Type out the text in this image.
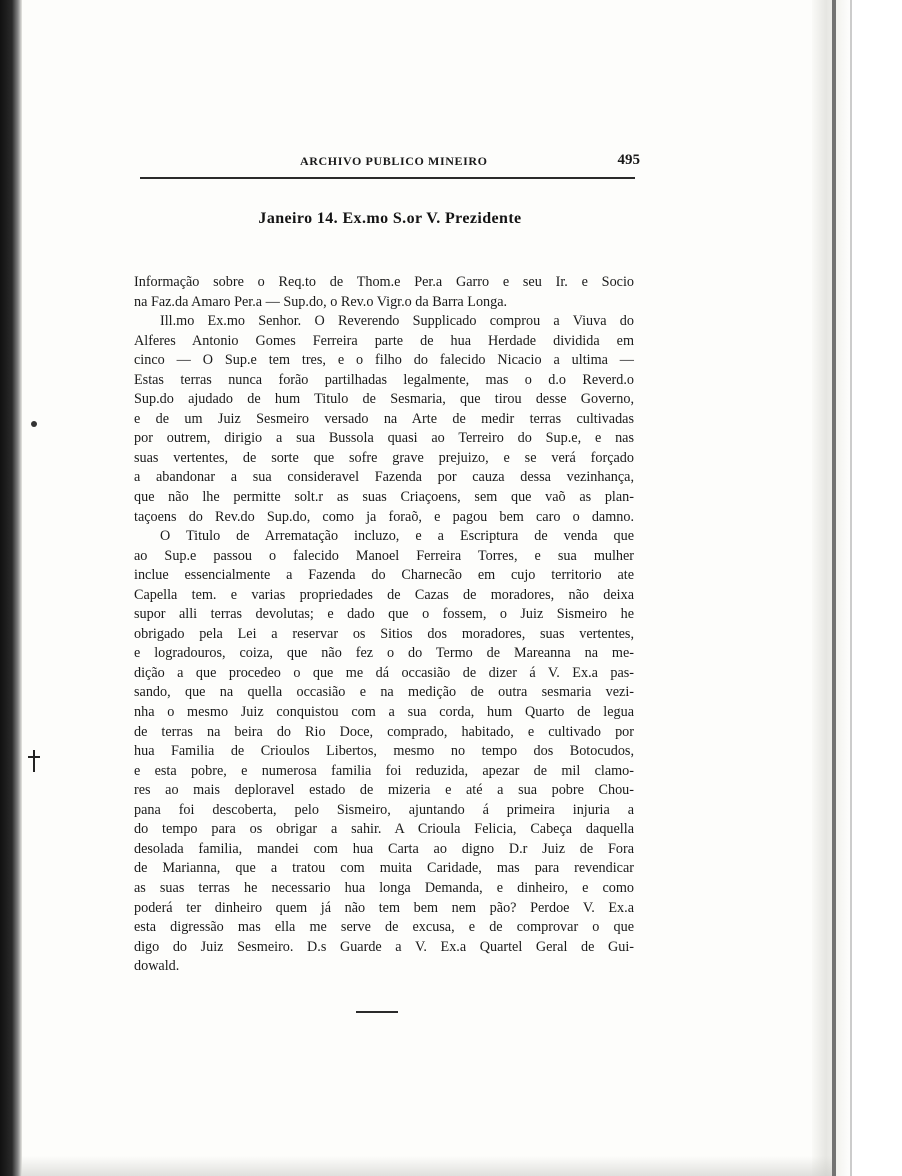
ARCHIVO PUBLICO MINEIRO	495
Janeiro 14. Ex.mo S.or V. Prezidente
Informação sobre o Req.to de Thom.e Per.a Garro e seu Ir. e Socio
na Faz.da Amaro Per.a — Sup.do, o Rev.o Vigr.o da Barra Longa.
Ill.mo Ex.mo Senhor. O Reverendo Supplicado comprou a Viuva do
Alferes Antonio Gomes Ferreira parte de hua Herdade dividida em
cinco — O Sup.e tem tres, e o filho do falecido Nicacio a ultima —
Estas terras nunca forão partilhadas legalmente, mas o d.o Reverd.o
Sup.do ajudado de hum Titulo de Sesmaria, que tirou desse Governo,
e de um Juiz Sesmeiro versado na Arte de medir terras cultivadas
por outrem, dirigio a sua Bussola quasi ao Terreiro do Sup.e, e nas
suas vertentes, de sorte que sofre grave prejuizo, e se verá forçado
a abandonar a sua consideravel Fazenda por cauza dessa vezinhança,
que não lhe permitte solt.r as suas Criaçoens, sem que vaõ as plan-
taçoens do Rev.do Sup.do, como ja foraõ, e pagou bem caro o damno.
O Titulo de Arrematação incluzo, e a Escriptura de venda que
ao Sup.e passou o falecido Manoel Ferreira Torres, e sua mulher
inclue essencialmente a Fazenda do Charnecão em cujo territorio ate
Capella tem. e varias propriedades de Cazas de moradores, não deixa
supor alli terras devolutas; e dado que o fossem, o Juiz Sismeiro he
obrigado pela Lei a reservar os Sitios dos moradores, suas vertentes,
e logradouros, coiza, que não fez o do Termo de Mareanna na me-
dição a que procedeo o que me dá occasião de dizer á V. Ex.a pas-
sando, que na quella occasião e na medição de outra sesmaria vezi-
nha o mesmo Juiz conquistou com a sua corda, hum Quarto de legua
de terras na beira do Rio Doce, comprado, habitado, e cultivado por
hua Familia de Crioulos Libertos, mesmo no tempo dos Botocudos,
e esta pobre, e numerosa familia foi reduzida, apezar de mil clamo-
res ao mais deploravel estado de mizeria e até a sua pobre Chou-
pana foi descoberta, pelo Sismeiro, ajuntando á primeira injuria a
do tempo para os obrigar a sahir. A Crioula Felicia, Cabeça daquella
desolada familia, mandei com hua Carta ao digno D.r Juiz de Fora
de Marianna, que a tratou com muita Caridade, mas para revendicar
as suas terras he necessario hua longa Demanda, e dinheiro, e como
poderá ter dinheiro quem já não tem bem nem pão? Perdoe V. Ex.a
esta digressão mas ella me serve de excusa, e de comprovar o que
digo do Juiz Sesmeiro. D.s Guarde a V. Ex.a Quartel Geral de Gui-
dowald.
